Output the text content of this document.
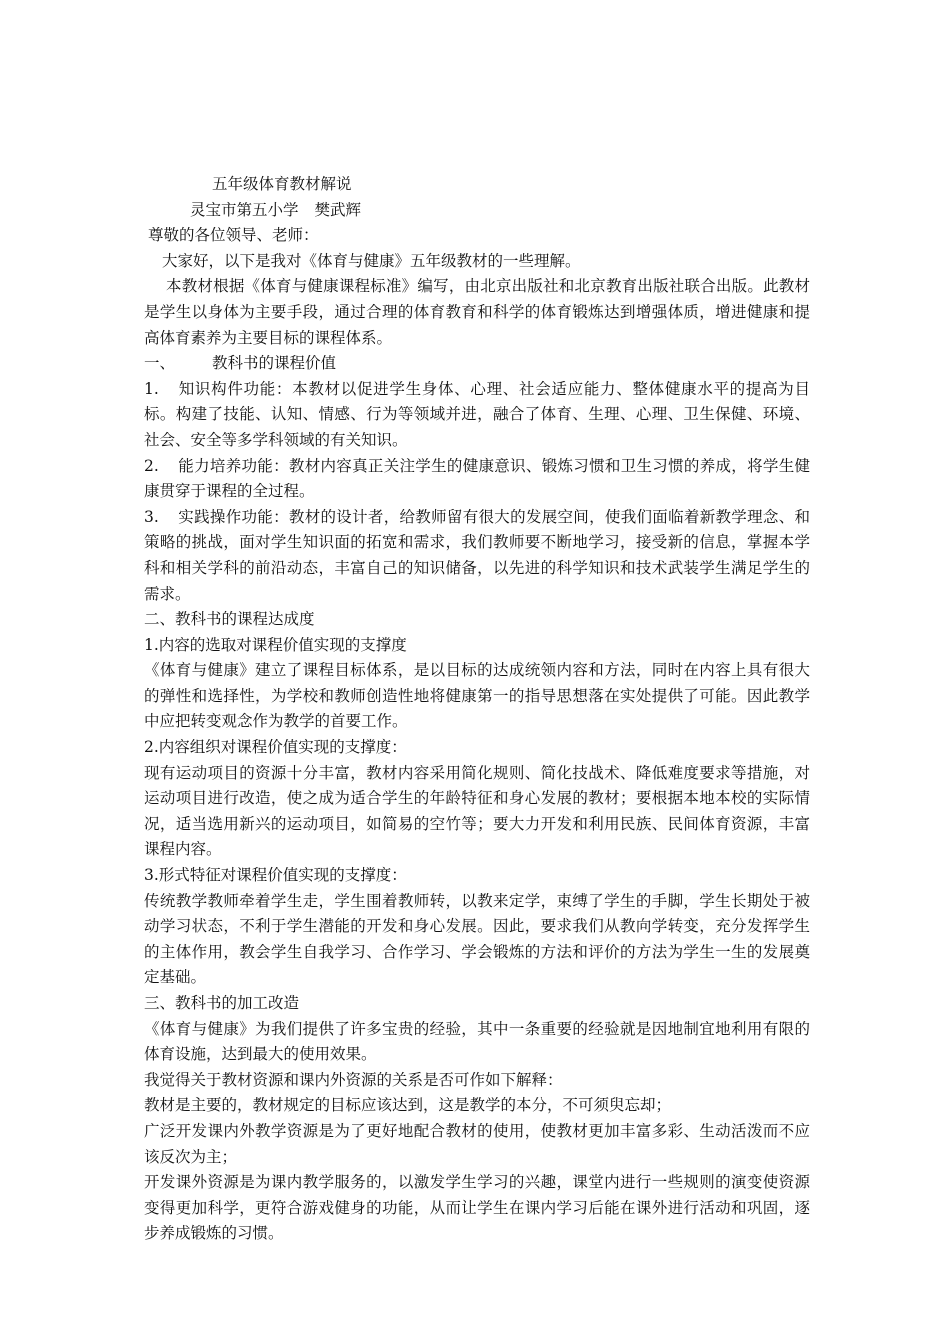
五年级体育教材解说
灵宝市第五小学 樊武辉
尊敬的各位领导、老师：
大家好，以下是我对《体育与健康》五年级教材的一些理解。
本教材根据《体育与健康课程标准》编写，由北京出版社和北京教育出版社联合出版。此教材是学生以身体为主要手段，通过合理的体育教育和科学的体育锻炼达到增强体质，增进健康和提高体育素养为主要目标的课程体系。
一、 教科书的课程价值
1. 知识构件功能：本教材以促进学生身体、心理、社会适应能力、整体健康水平的提高为目标。构建了技能、认知、情感、行为等领域并进，融合了体育、生理、心理、卫生保健、环境、社会、安全等多学科领域的有关知识。
2. 能力培养功能：教材内容真正关注学生的健康意识、锻炼习惯和卫生习惯的养成，将学生健康贯穿于课程的全过程。
3. 实践操作功能：教材的设计者，给教师留有很大的发展空间，使我们面临着新教学理念、和策略的挑战，面对学生知识面的拓宽和需求，我们教师要不断地学习，接受新的信息，掌握本学科和相关学科的前沿动态，丰富自己的知识储备，以先进的科学知识和技术武装学生满足学生的需求。
二、教科书的课程达成度
1.内容的选取对课程价值实现的支撑度
《体育与健康》建立了课程目标体系，是以目标的达成统领内容和方法，同时在内容上具有很大的弹性和选择性，为学校和教师创造性地将健康第一的指导思想落在实处提供了可能。因此教学中应把转变观念作为教学的首要工作。
2.内容组织对课程价值实现的支撑度：
现有运动项目的资源十分丰富，教材内容采用简化规则、简化技战术、降低难度要求等措施，对运动项目进行改造，使之成为适合学生的年龄特征和身心发展的教材；要根据本地本校的实际情况，适当选用新兴的运动项目，如简易的空竹等；要大力开发和利用民族、民间体育资源，丰富课程内容。
3.形式特征对课程价值实现的支撑度：
传统教学教师牵着学生走，学生围着教师转，以教来定学，束缚了学生的手脚，学生长期处于被动学习状态，不利于学生潜能的开发和身心发展。因此，要求我们从教向学转变，充分发挥学生的主体作用，教会学生自我学习、合作学习、学会锻炼的方法和评价的方法为学生一生的发展奠定基础。
三、教科书的加工改造
《体育与健康》为我们提供了许多宝贵的经验，其中一条重要的经验就是因地制宜地利用有限的体育设施，达到最大的使用效果。
我觉得关于教材资源和课内外资源的关系是否可作如下解释：
教材是主要的，教材规定的目标应该达到，这是教学的本分，不可须臾忘却；
广泛开发课内外教学资源是为了更好地配合教材的使用，使教材更加丰富多彩、生动活泼而不应该反次为主；
开发课外资源是为课内教学服务的，以激发学生学习的兴趣，课堂内进行一些规则的演变使资源变得更加科学，更符合游戏健身的功能，从而让学生在课内学习后能在课外进行活动和巩固，逐步养成锻炼的习惯。
